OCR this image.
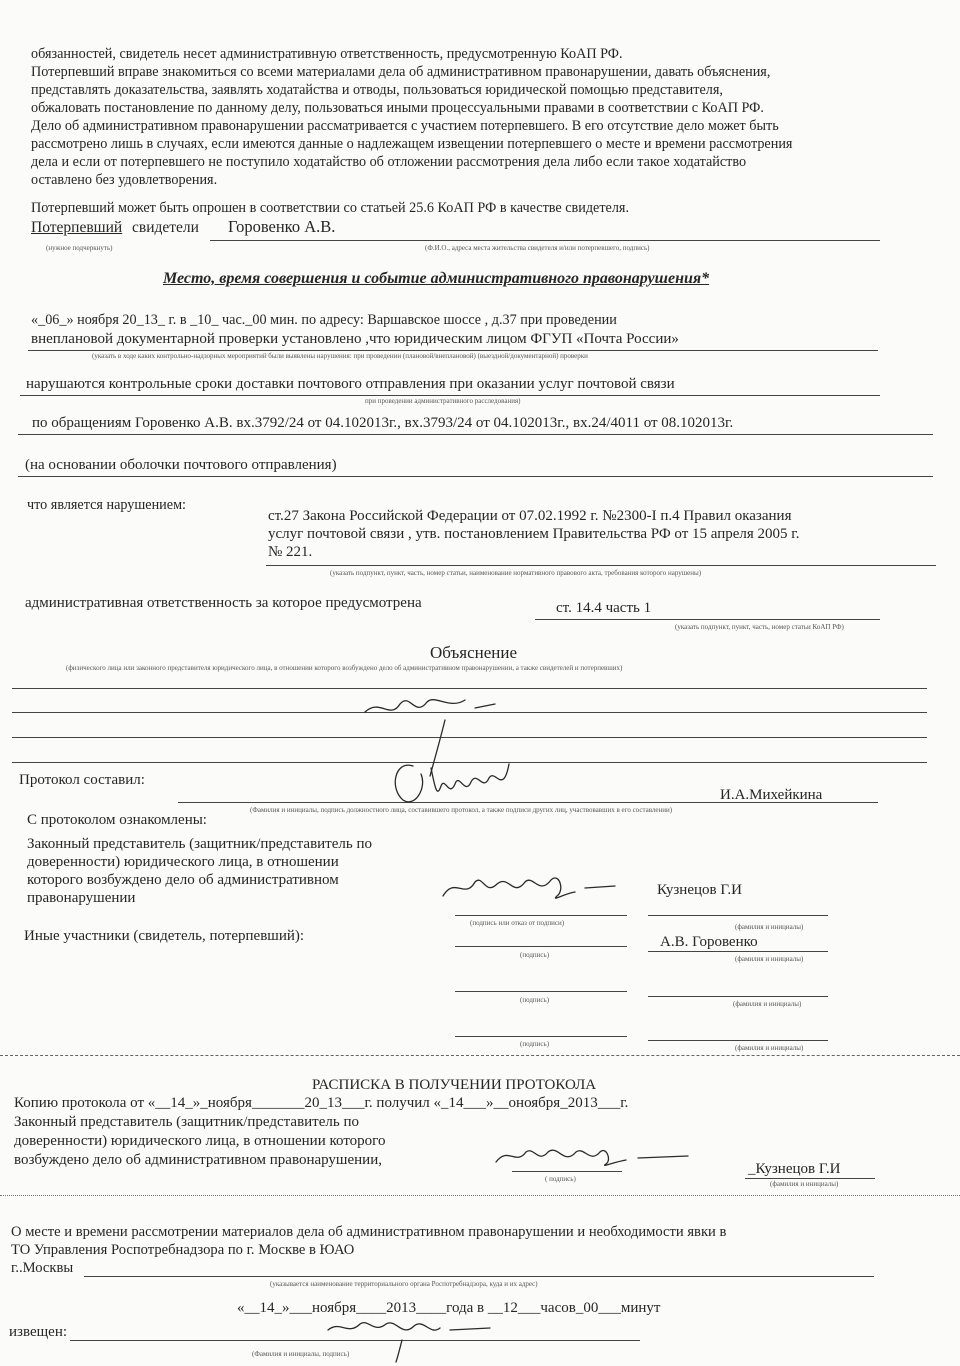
обязанностей, свидетель несет административную ответственность, предусмотренную КоАП РФ.
Потерпевший вправе знакомиться со всеми материалами дела об административном правонарушении, давать объяснения,
представлять доказательства, заявлять ходатайства и отводы, пользоваться юридической помощью представителя,
обжаловать постановление по данному делу, пользоваться иными процессуальными правами в соответствии с КоАП РФ.
Дело об административном правонарушении рассматривается с участием потерпевшего. В его отсутствие дело может быть
рассмотрено лишь в случаях, если имеются данные о надлежащем извещении потерпевшего о месте и времени рассмотрения
дела и если от потерпевшего не поступило ходатайство об отложении рассмотрения дела либо если такое ходатайство
оставлено без удовлетворения.
Потерпевший может быть опрошен в соответствии со статьей 25.6 КоАП РФ в качестве свидетеля.
Потерпевший свидетели Горовенко А.В.
(нужное подчеркнуть)	(Ф.И.О., адреса места жительства свидетеля и/или потерпевшего, подпись)
Место, время совершения и событие административного правонарушения*
«_06_» ноября 20_13_ г. в _10_ час._00 мин. по адресу: Варшавское шоссе , д.37 при проведении
внеплановой документарной проверки установлено ,что юридическим лицом ФГУП «Почта России»
(указать в ходе каких контрольно-надзорных мероприятий были выявлены нарушения: при проведении (плановой/внеплановой) (выездной/документарной) проверки
нарушаются контрольные сроки доставки почтового отправления при оказании услуг почтовой связи
при проведении административного расследования)
по обращениям Горовенко А.В. вх.3792/24 от 04.102013г., вх.3793/24 от 04.102013г., вх.24/4011 от 08.102013г.
(на основании оболочки почтового отправления)
что является нарушением:
ст.27 Закона Российской Федерации от 07.02.1992 г. №2300-I п.4 Правил оказания
услуг почтовой связи , утв. постановлением Правительства РФ от 15 апреля 2005 г.
№ 221.
(указать подпункт, пункт, часть, номер статьи, наименование нормативного правового акта, требования которого нарушены)
административная ответственность за которое предусмотрена	ст. 14.4 часть 1
(указать подпункт, пункт, часть, номер статьи КоАП РФ)
Объяснение
(физического лица или законного представителя юридического лица, в отношении которого возбуждено дело об административном правонарушении, а также свидетелей и потерпевших)
Протокол составил:
И.А.Михейкина
(Фамилия и инициалы, подпись должностного лица, составившего протокол, а также подписи других лиц, участвовавших в его составлении)
С протоколом ознакомлены:
Законный представитель (защитник/представитель по
доверенности) юридического лица, в отношении
которого возбуждено дело об административном
правонарушении	Кузнецов Г.И
(подпись или отказ от подписи)	(фамилия и инициалы)
Иные участники (свидетель, потерпевший):	А.В. Горовенко
(подпись)	(фамилия и инициалы)
(подпись)	(фамилия и инициалы)
(подпись)	(фамилия и инициалы)
РАСПИСКА В ПОЛУЧЕНИИ ПРОТОКОЛА
Копию протокола от «__14_»_ноября_______20_13___г. получил «_14___»__оноября_2013___г.
Законный представитель (защитник/представитель по
доверенности) юридического лица, в отношении которого
возбуждено дело об административном правонарушении,
( подпись)
_Кузнецов Г.И
(фамилия и инициалы)
О месте и времени рассмотрении материалов дела об административном правонарушении и необходимости явки в
ТО Управления Роспотребнадзора по г. Москве в ЮАО
г..Москвы
(указывается наименование территориального органа Роспотребнадзора, куда и их адрес)
«__14_»___ноября____2013____года в __12___часов_00___минут
извещен:
(Фамилия и инициалы, подпись)
